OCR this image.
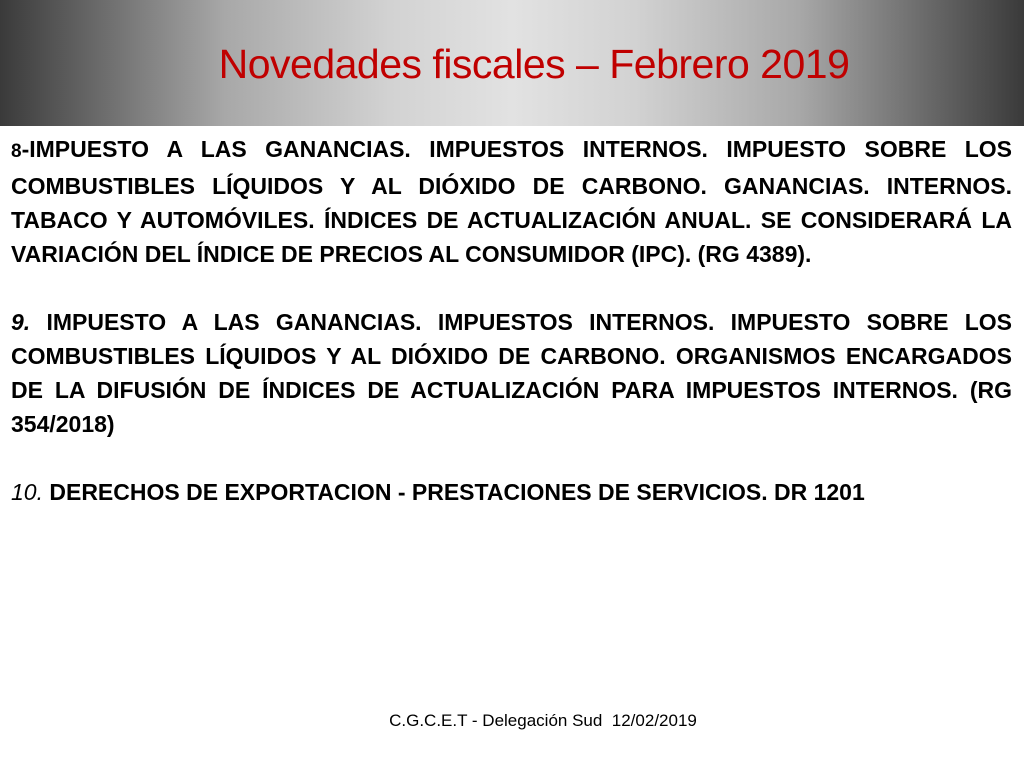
Novedades fiscales – Febrero 2019

8-IMPUESTO A LAS GANANCIAS. IMPUESTOS INTERNOS. IMPUESTO SOBRE LOS COMBUSTIBLES LÍQUIDOS Y AL DIÓXIDO DE CARBONO. GANANCIAS. INTERNOS. TABACO Y AUTOMÓVILES. ÍNDICES DE ACTUALIZACIÓN ANUAL. SE CONSIDERARÁ LA VARIACIÓN DEL ÍNDICE DE PRECIOS AL CONSUMIDOR (IPC). (RG 4389).

9. IMPUESTO A LAS GANANCIAS. IMPUESTOS INTERNOS. IMPUESTO SOBRE LOS COMBUSTIBLES LÍQUIDOS Y AL DIÓXIDO DE CARBONO. ORGANISMOS ENCARGADOS DE LA DIFUSIÓN DE ÍNDICES DE ACTUALIZACIÓN PARA IMPUESTOS INTERNOS. (RG 354/2018)

10. DERECHOS DE EXPORTACION - PRESTACIONES DE SERVICIOS. DR 1201

C.G.C.E.T - Delegación Sud  12/02/2019
